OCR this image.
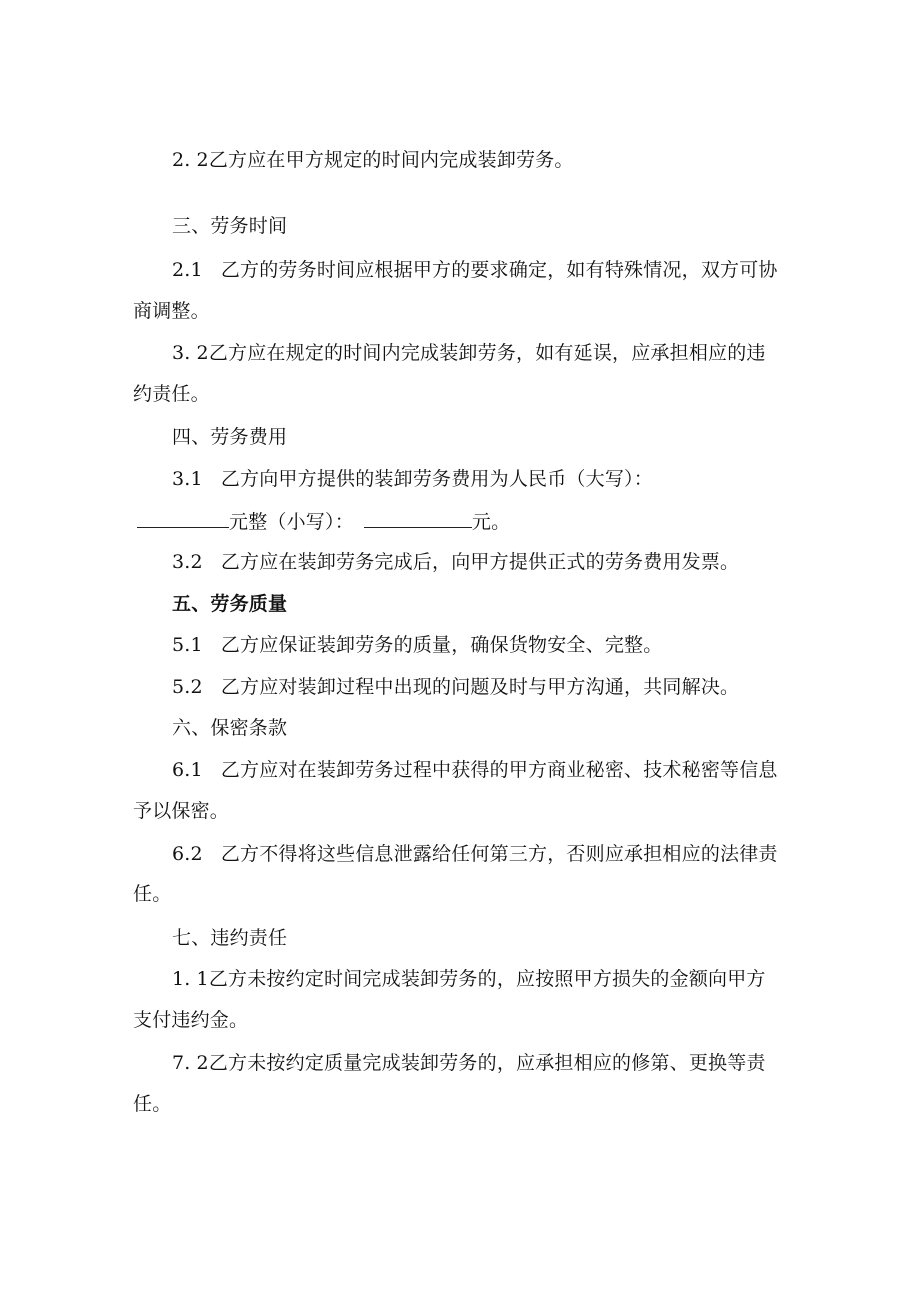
2. 2乙方应在甲方规定的时间内完成装卸劳务。
三、劳务时间
2.1 乙方的劳务时间应根据甲方的要求确定，如有特殊情况，双方可协
商调整。
3. 2乙方应在规定的时间内完成装卸劳务，如有延误，应承担相应的违
约责任。
四、劳务费用
3.1 乙方向甲方提供的装卸劳务费用为人民币（大写）：
元整（小写）：	元。
3.2 乙方应在装卸劳务完成后，向甲方提供正式的劳务费用发票。
五、劳务质量
5.1 乙方应保证装卸劳务的质量，确保货物安全、完整。
5.2 乙方应对装卸过程中出现的问题及时与甲方沟通，共同解决。
六、保密条款
6.1 乙方应对在装卸劳务过程中获得的甲方商业秘密、技术秘密等信息
予以保密。
6.2 乙方不得将这些信息泄露给任何第三方，否则应承担相应的法律责
任。
七、违约责任
1. 1乙方未按约定时间完成装卸劳务的，应按照甲方损失的金额向甲方
支付违约金。
7. 2乙方未按约定质量完成装卸劳务的，应承担相应的修第、更换等责
任。
